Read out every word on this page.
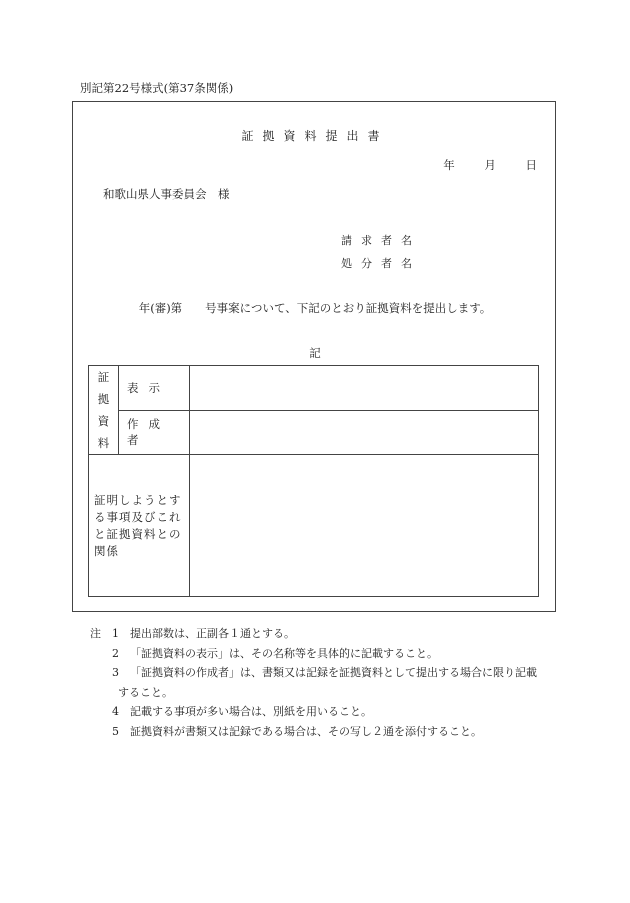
別記第22号様式(第37条関係)
証拠資料提出書
年	月	日
和歌山県人事委員会　様
請求者名
処分者名
年(審)第　　号事案について、下記のとおり証拠資料を提出します。
記
証
拠
資
料	表示	
	作成者	
証明しようとする事項及びこれと証拠資料との関係		
注	1	提出部数は、正副各１通とする。
2	「証拠資料の表示」は、その名称等を具体的に記載すること。
3	「証拠資料の作成者」は、書類又は記録を証拠資料として提出する場合に限り記載
すること。
4	記載する事項が多い場合は、別紙を用いること。
5	証拠資料が書類又は記録である場合は、その写し２通を添付すること。
